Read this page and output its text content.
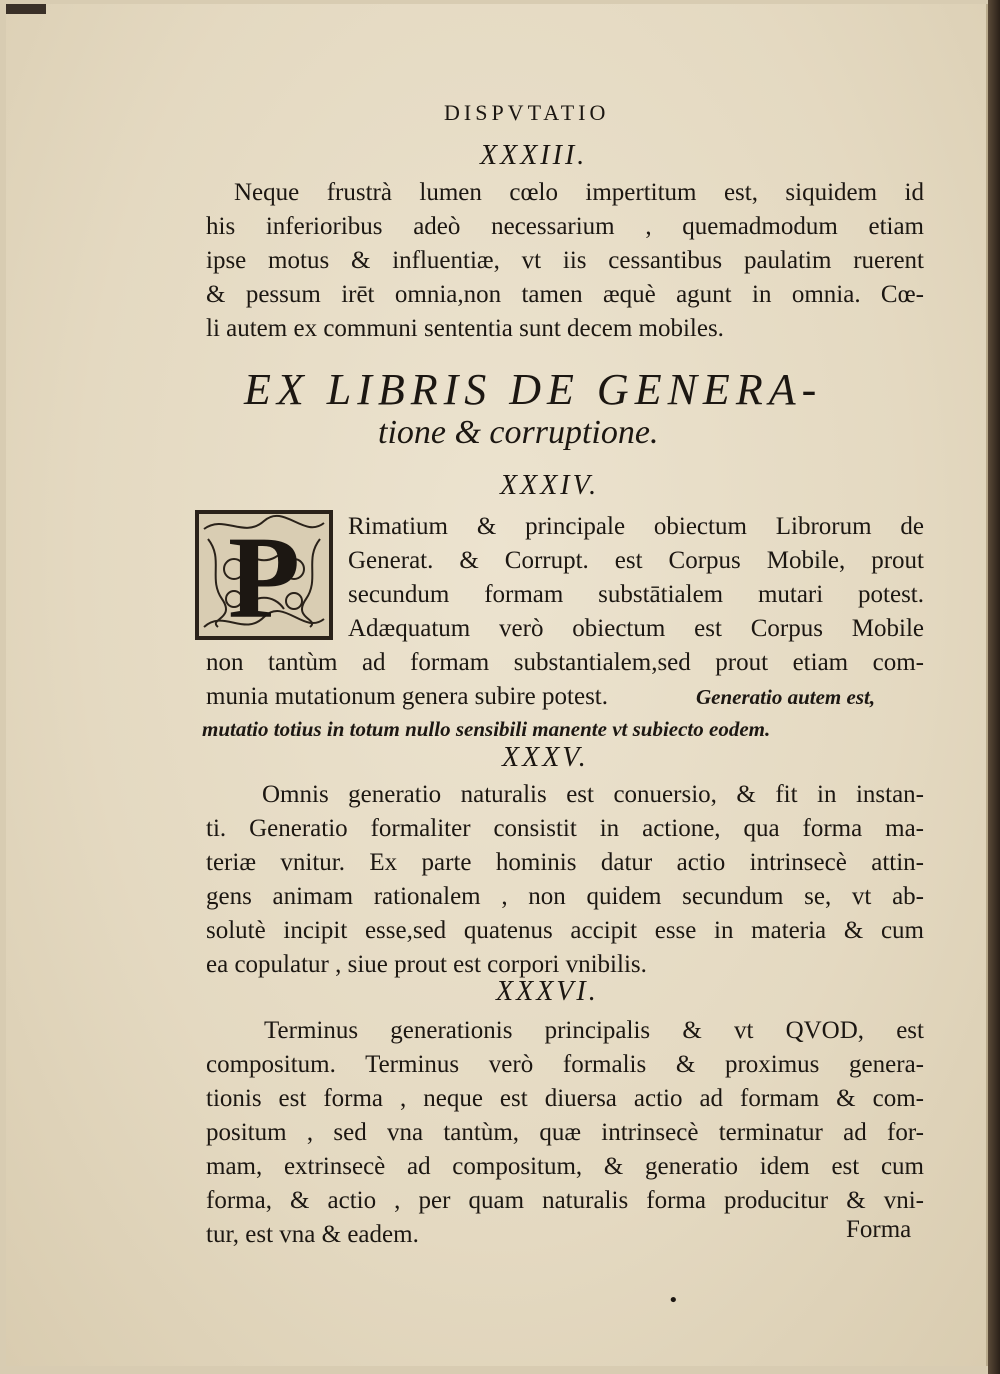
DISPVTATIO
XXXIII.
Neque frustrà lumen cœlo impertitum est, siquidem id
his inferioribus adeò necessarium , quemadmodum etiam
ipse motus & influentiæ, vt iis cessantibus paulatim ruerent
& pessum irēt omnia,non tamen æquè agunt in omnia. Cœ-
li autem ex communi sententia sunt decem mobiles.
EX LIBRIS DE GENERA-
tione & corruptione.
XXXIV.
P Rimatium & principale obiectum Librorum de
Generat. & Corrupt. est Corpus Mobile, prout
secundum formam substātialem mutari potest.
Adæquatum verò obiectum est Corpus Mobile
non tantùm ad formam substantialem,sed prout etiam com-
munia mutationum genera subire potest.	Generatio autem est,
mutatio totius in totum nullo sensibili manente vt subiecto eodem.
XXXV.
Omnis generatio naturalis est conuersio, & fit in instan-
ti. Generatio formaliter consistit in actione, qua forma ma-
teriæ vnitur. Ex parte hominis datur actio intrinsecè attin-
gens animam rationalem , non quidem secundum se, vt ab-
solutè incipit esse,sed quatenus accipit esse in materia & cum
ea copulatur , siue prout est corpori vnibilis.
XXXVI.
Terminus generationis principalis & vt QVOD, est
compositum. Terminus verò formalis & proximus genera-
tionis est forma , neque est diuersa actio ad formam & com-
positum , sed vna tantùm, quæ intrinsecè terminatur ad for-
mam, extrinsecè ad compositum, & generatio idem est cum
forma, & actio , per quam naturalis forma producitur & vni-
tur, est vna & eadem.	Forma
•
